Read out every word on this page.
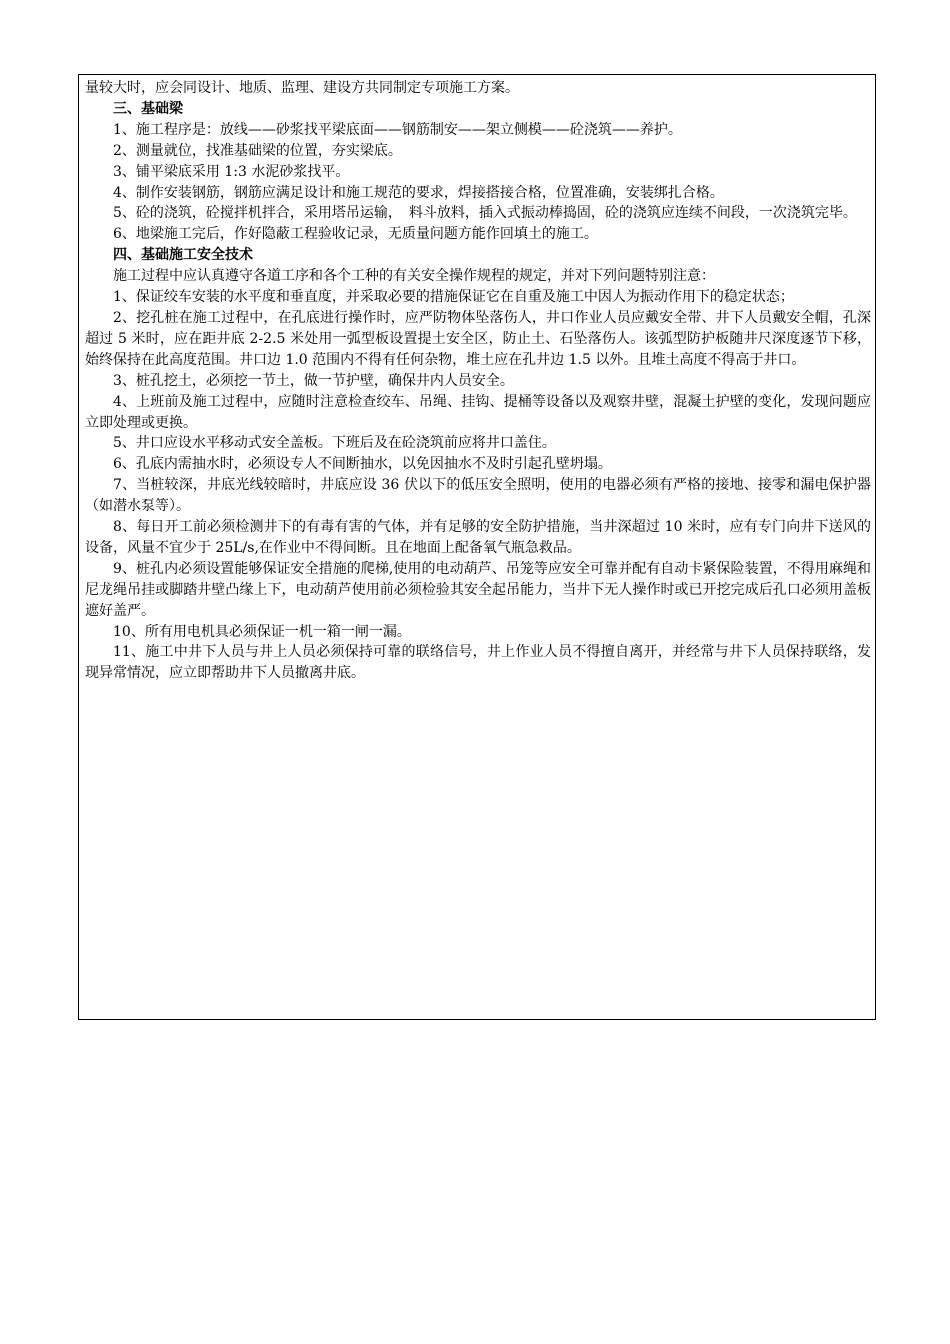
量较大时，应会同设计、地质、监理、建设方共同制定专项施工方案。

三、基础梁

1、施工程序是：放线——砂浆找平梁底面——钢筋制安——架立侧模——砼浇筑——养护。

2、测量就位，找准基础梁的位置，夯实梁底。

3、铺平梁底采用 1:3 水泥砂浆找平。

4、制作安装钢筋，钢筋应满足设计和施工规范的要求，焊接搭接合格，位置准确，安装绑扎合格。

5、砼的浇筑，砼搅拌机拌合，采用塔吊运输，　料斗放料，插入式振动棒捣固，砼的浇筑应连续不间段，一次浇筑完毕。

6、地梁施工完后，作好隐蔽工程验收记录，无质量问题方能作回填土的施工。

四、基础施工安全技术

施工过程中应认真遵守各道工序和各个工种的有关安全操作规程的规定，并对下列问题特别注意：

1、保证绞车安装的水平度和垂直度，并采取必要的措施保证它在自重及施工中因人为振动作用下的稳定状态；

2、挖孔桩在施工过程中，在孔底进行操作时，应严防物体坠落伤人，井口作业人员应戴安全带、井下人员戴安全帽，孔深超过 5 米时，应在距井底 2-2.5 米处用一弧型板设置提土安全区，防止土、石坠落伤人。该弧型防护板随井尺深度逐节下移，始终保持在此高度范围。井口边 1.0 范围内不得有任何杂物，堆土应在孔井边 1.5 以外。且堆土高度不得高于井口。

3、桩孔挖土，必须挖一节土，做一节护壁，确保井内人员安全。

4、上班前及施工过程中，应随时注意检查绞车、吊绳、挂钩、提桶等设备以及观察井壁，混凝土护壁的变化，发现问题应立即处理或更换。

5、井口应设水平移动式安全盖板。下班后及在砼浇筑前应将井口盖住。

6、孔底内需抽水时，必须设专人不间断抽水，以免因抽水不及时引起孔壁坍塌。

7、当桩较深，井底光线较暗时，井底应设 36 伏以下的低压安全照明，使用的电器必须有严格的接地、接零和漏电保护器（如潜水泵等）。

8、每日开工前必须检测井下的有毒有害的气体，并有足够的安全防护措施，当井深超过 10 米时，应有专门向井下送风的设备，风量不宜少于 25L/s,在作业中不得间断。且在地面上配备氧气瓶急救品。

9、桩孔内必须设置能够保证安全措施的爬梯,使用的电动葫芦、吊笼等应安全可靠并配有自动卡紧保险装置，不得用麻绳和尼龙绳吊挂或脚踏井壁凸缘上下，电动葫芦使用前必须检验其安全起吊能力，当井下无人操作时或已开挖完成后孔口必须用盖板遮好盖严。

10、所有用电机具必须保证一机一箱一闸一漏。

11、施工中井下人员与井上人员必须保持可靠的联络信号，井上作业人员不得擅自离开，并经常与井下人员保持联络，发现异常情况，应立即帮助井下人员撤离井底。
